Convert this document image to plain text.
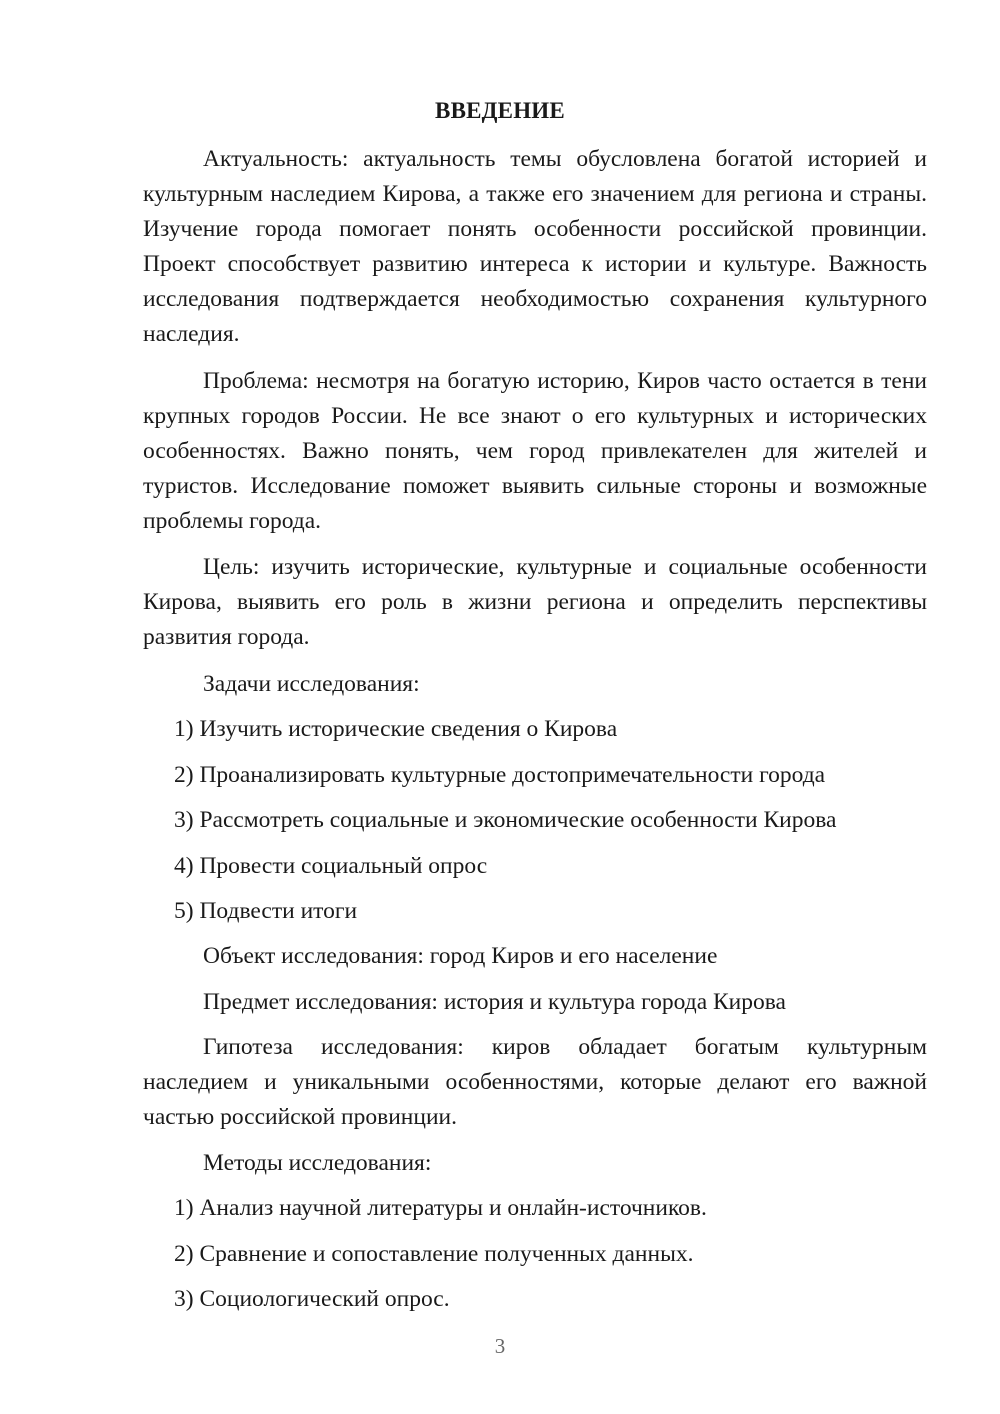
ВВЕДЕНИЕ

Актуальность: актуальность темы обусловлена богатой историей и культурным наследием Кирова, а также его значением для региона и страны. Изучение города помогает понять особенности российской провинции. Проект способствует развитию интереса к истории и культуре. Важность исследования подтверждается необходимостью сохранения культурного наследия.

Проблема: несмотря на богатую историю, Киров часто остается в тени крупных городов России. Не все знают о его культурных и исторических особенностях. Важно понять, чем город привлекателен для жителей и туристов. Исследование поможет выявить сильные стороны и возможные проблемы города.

Цель: изучить исторические, культурные и социальные особенности Кирова, выявить его роль в жизни региона и определить перспективы развития города.

Задачи исследования:
1) Изучить исторические сведения о Кирова
2) Проанализировать культурные достопримечательности города
3) Рассмотреть социальные и экономические особенности Кирова
4) Провести социальный опрос
5) Подвести итоги
Объект исследования: город Киров и его население
Предмет исследования: история и культура города Кирова

Гипотеза исследования: киров обладает богатым культурным наследием и уникальными особенностями, которые делают его важной частью российской провинции.

Методы исследования:
1) Анализ научной литературы и онлайн-источников.
2) Сравнение и сопоставление полученных данных.
3) Социологический опрос.
3
